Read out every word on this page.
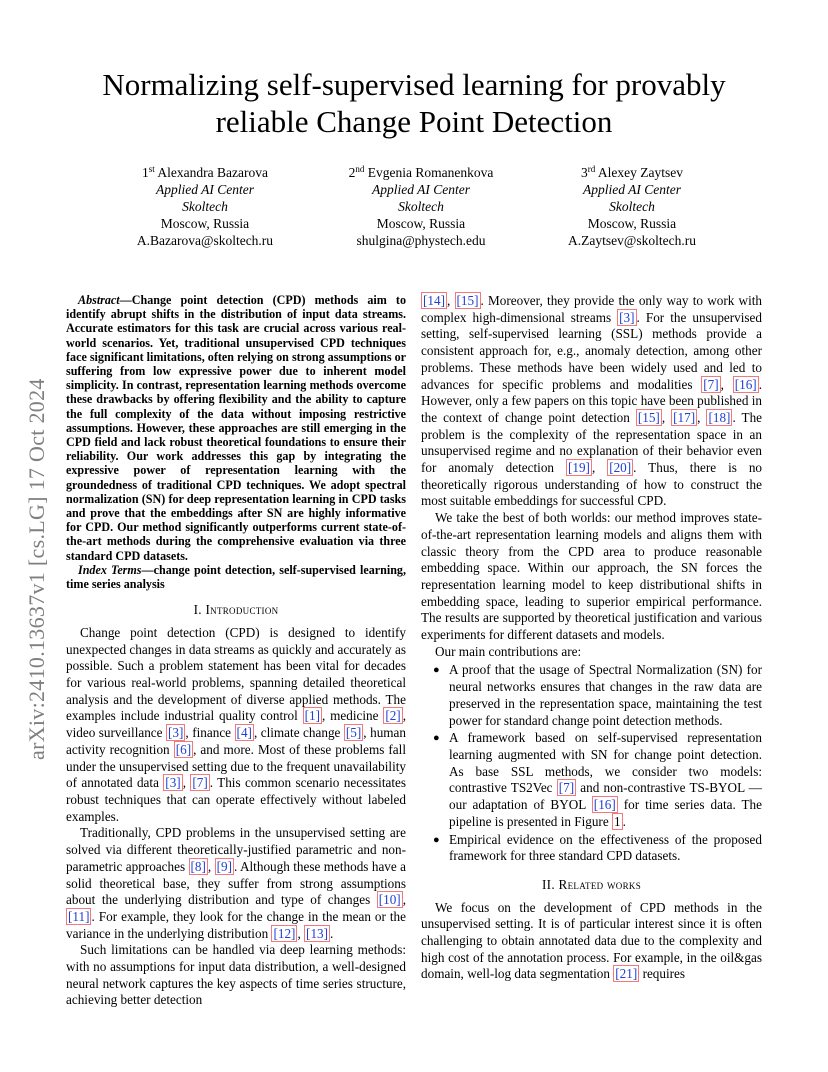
arXiv:2410.13637v1 [cs.LG] 17 Oct 2024
Normalizing self-supervised learning for provably reliable Change Point Detection
1st Alexandra Bazarova
Applied AI Center
Skoltech
Moscow, Russia
A.Bazarova@skoltech.ru
2nd Evgenia Romanenkova
Applied AI Center
Skoltech
Moscow, Russia
shulgina@phystech.edu
3rd Alexey Zaytsev
Applied AI Center
Skoltech
Moscow, Russia
A.Zaytsev@skoltech.ru

Abstract—Change point detection (CPD) methods aim to identify abrupt shifts in the distribution of input data streams. Accurate estimators for this task are crucial across various real-world scenarios. Yet, traditional unsupervised CPD techniques face significant limitations, often relying on strong assumptions or suffering from low expressive power due to inherent model simplicity. In contrast, representation learning methods overcome these drawbacks by offering flexibility and the ability to capture the full complexity of the data without imposing restrictive assumptions. However, these approaches are still emerging in the CPD field and lack robust theoretical foundations to ensure their reliability. Our work addresses this gap by integrating the expressive power of representation learning with the groundedness of traditional CPD techniques. We adopt spectral normalization (SN) for deep representation learning in CPD tasks and prove that the embeddings after SN are highly informative for CPD. Our method significantly outperforms current state-of-the-art methods during the comprehensive evaluation via three standard CPD datasets.

Index Terms—change point detection, self-supervised learning, time series analysis

I. Introduction

Change point detection (CPD) is designed to identify unexpected changes in data streams as quickly and accurately as possible. Such a problem statement has been vital for decades for various real-world problems, spanning detailed theoretical analysis and the development of diverse applied methods. The examples include industrial quality control [1] , medicine [2] , video surveillance [3] , finance [4] , climate change [5] , human activity recognition [6] , and more. Most of these problems fall under the unsupervised setting due to the frequent unavailability of annotated data [3] , [7] . This common scenario necessitates robust techniques that can operate effectively without labeled examples.

Traditionally, CPD problems in the unsupervised setting are solved via different theoretically-justified parametric and non-parametric approaches [8] , [9] . Although these methods have a solid theoretical base, they suffer from strong assumptions about the underlying distribution and type of changes [10] , [11] . For example, they look for the change in the mean or the variance in the underlying distribution [12] , [13] .

Such limitations can be handled via deep learning methods: with no assumptions for input data distribution, a well-designed neural network captures the key aspects of time series structure, achieving better detection

[14] , [15] . Moreover, they provide the only way to work with complex high-dimensional streams [3] . For the unsupervised setting, self-supervised learning (SSL) methods provide a consistent approach for, e.g., anomaly detection, among other problems. These methods have been widely used and led to advances for specific problems and modalities [7] , [16] . However, only a few papers on this topic have been published in the context of change point detection [15] , [17] , [18] . The problem is the complexity of the representation space in an unsupervised regime and no explanation of their behavior even for anomaly detection [19] , [20] . Thus, there is no theoretically rigorous understanding of how to construct the most suitable embeddings for successful CPD.

We take the best of both worlds: our method improves state-of-the-art representation learning models and aligns them with classic theory from the CPD area to produce reasonable embedding space. Within our approach, the SN forces the representation learning model to keep distributional shifts in embedding space, leading to superior empirical performance. The results are supported by theoretical justification and various experiments for different datasets and models.

Our main contributions are:

● A proof that the usage of Spectral Normalization (SN) for neural networks ensures that changes in the raw data are preserved in the representation space, maintaining the test power for standard change point detection methods.
● A framework based on self-supervised representation learning augmented with SN for change point detection. As base SSL methods, we consider two models: contrastive TS2Vec [7] and non-contrastive TS-BYOL — our adaptation of BYOL [16] for time series data. The pipeline is presented in Figure 1 .
● Empirical evidence on the effectiveness of the proposed framework for three standard CPD datasets.
II. Related works

We focus on the development of CPD methods in the unsupervised setting. It is of particular interest since it is often challenging to obtain annotated data due to the complexity and high cost of the annotation process. For example, in the oil&gas domain, well-log data segmentation [21] requires
